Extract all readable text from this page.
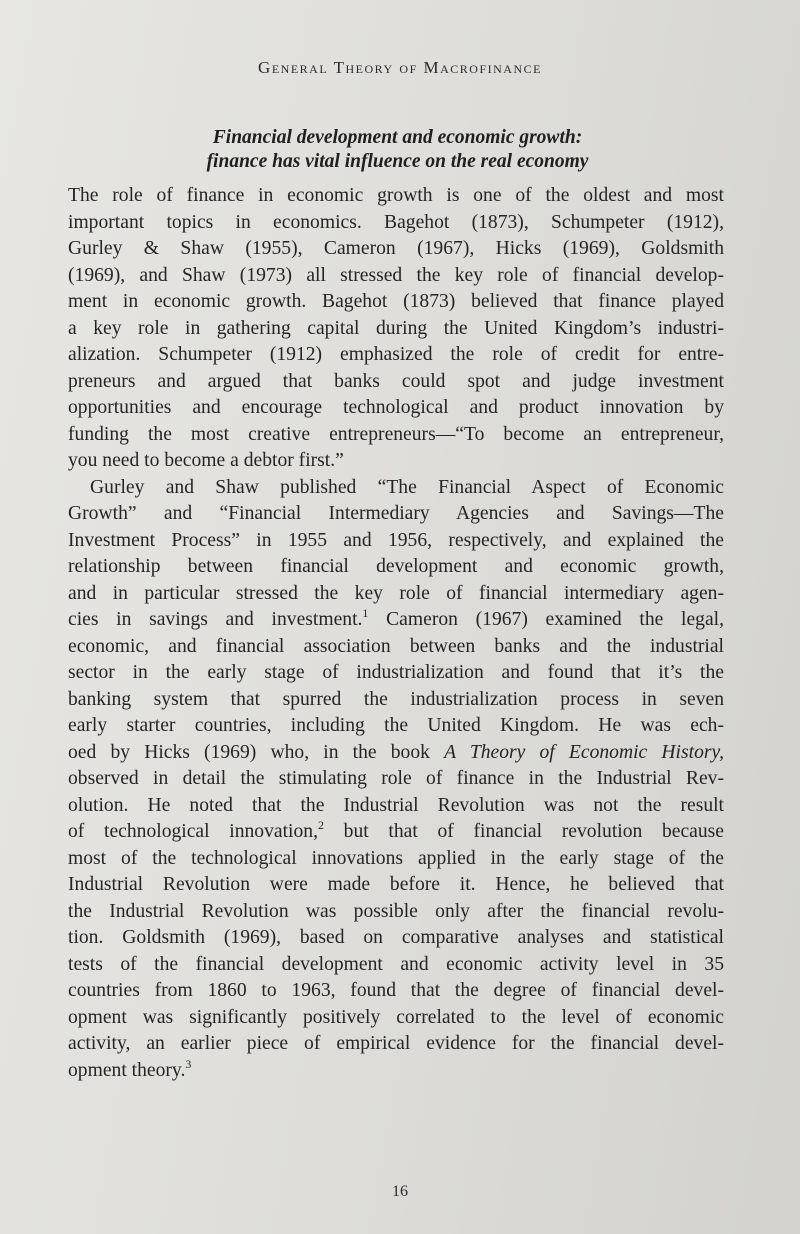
General Theory of Macrofinance
Financial development and economic growth:
finance has vital influence on the real economy
The role of finance in economic growth is one of the oldest and most
important topics in economics. Bagehot (1873), Schumpeter (1912),
Gurley & Shaw (1955), Cameron (1967), Hicks (1969), Goldsmith
(1969), and Shaw (1973) all stressed the key role of financial develop-
ment in economic growth. Bagehot (1873) believed that finance played
a key role in gathering capital during the United Kingdom’s industri-
alization. Schumpeter (1912) emphasized the role of credit for entre-
preneurs and argued that banks could spot and judge investment
opportunities and encourage technological and product innovation by
funding the most creative entrepreneurs—“To become an entrepreneur,
you need to become a debtor first.”
Gurley and Shaw published “The Financial Aspect of Economic
Growth” and “Financial Intermediary Agencies and Savings—The
Investment Process” in 1955 and 1956, respectively, and explained the
relationship between financial development and economic growth,
and in particular stressed the key role of financial intermediary agen-
cies in savings and investment.$^1$ Cameron (1967) examined the legal,
economic, and financial association between banks and the industrial
sector in the early stage of industrialization and found that it’s the
banking system that spurred the industrialization process in seven
early starter countries, including the United Kingdom. He was ech-
oed by Hicks (1969) who, in the book A Theory of Economic History,
observed in detail the stimulating role of finance in the Industrial Rev-
olution. He noted that the Industrial Revolution was not the result
of technological innovation,$^2$ but that of financial revolution because
most of the technological innovations applied in the early stage of the
Industrial Revolution were made before it. Hence, he believed that
the Industrial Revolution was possible only after the financial revolu-
tion. Goldsmith (1969), based on comparative analyses and statistical
tests of the financial development and economic activity level in 35
countries from 1860 to 1963, found that the degree of financial devel-
opment was significantly positively correlated to the level of economic
activity, an earlier piece of empirical evidence for the financial devel-
opment theory.$^3$
16
